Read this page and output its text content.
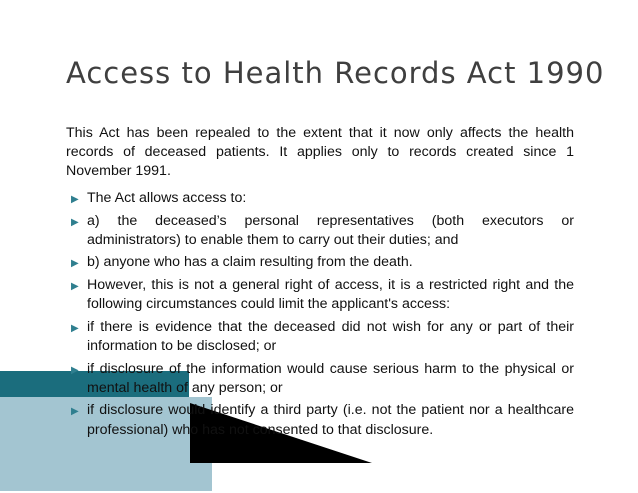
Access to Health Records Act 1990

This Act has been repealed to the extent that it now only affects the health records of deceased patients. It applies only to records created since 1 November 1991.

▶ The Act allows access to:
▶ a) the deceased’s personal representatives (both executors or administrators) to enable them to carry out their duties; and
▶ b) anyone who has a claim resulting from the death.
▶ However, this is not a general right of access, it is a restricted right and the following circumstances could limit the applicant's access:
▶ if there is evidence that the deceased did not wish for any or part of their information to be disclosed; or
▶ if disclosure of the information would cause serious harm to the physical or mental health of any person; or
▶ if disclosure would identify a third party (i.e. not the patient nor a healthcare professional) who has not consented to that disclosure.
